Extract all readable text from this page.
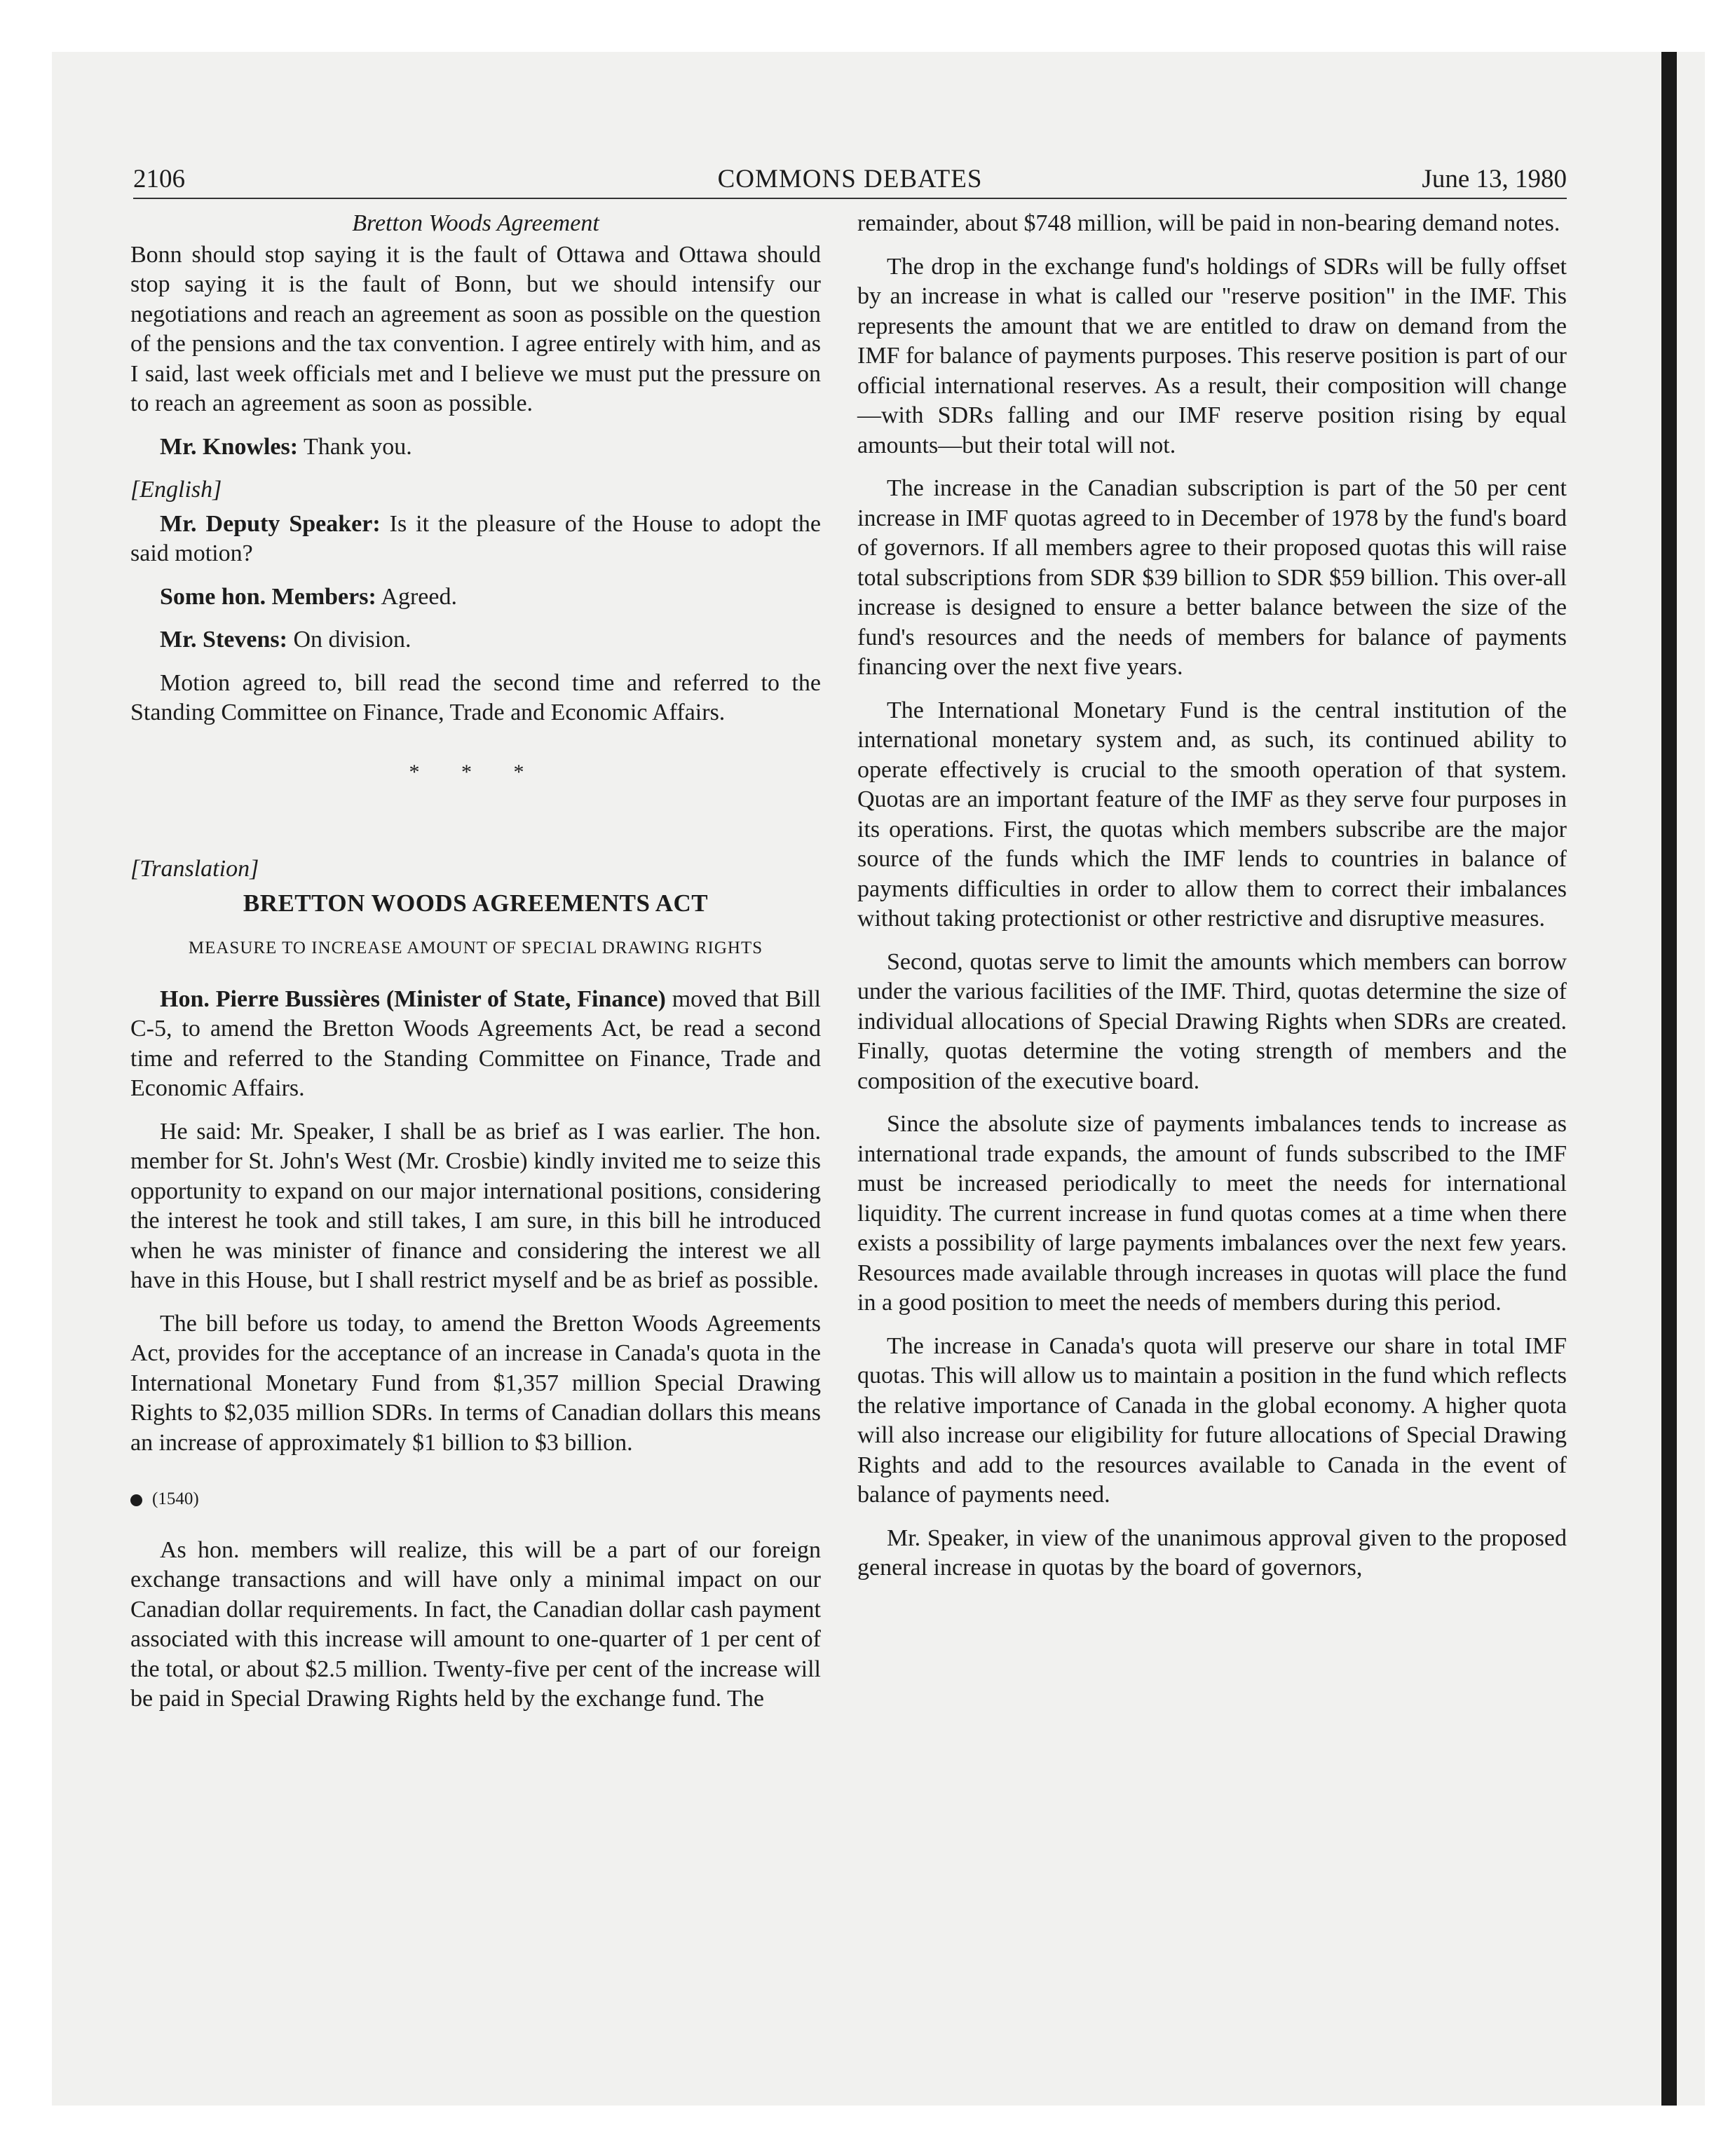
2106	COMMONS DEBATES	June 13, 1980

Bretton Woods Agreement

Bonn should stop saying it is the fault of Ottawa and Ottawa should stop saying it is the fault of Bonn, but we should intensify our negotiations and reach an agreement as soon as possible on the question of the pensions and the tax convention. I agree entirely with him, and as I said, last week officials met and I believe we must put the pressure on to reach an agreement as soon as possible.

Mr. Knowles: Thank you.

[English]

Mr. Deputy Speaker: Is it the pleasure of the House to adopt the said motion?

Some hon. Members: Agreed.

Mr. Stevens: On division.

Motion agreed to, bill read the second time and referred to the Standing Committee on Finance, Trade and Economic Affairs.

* * *

[Translation]

BRETTON WOODS AGREEMENTS ACT
MEASURE TO INCREASE AMOUNT OF SPECIAL DRAWING RIGHTS

Hon. Pierre Bussières (Minister of State, Finance) moved that Bill C-5, to amend the Bretton Woods Agreements Act, be read a second time and referred to the Standing Committee on Finance, Trade and Economic Affairs.

He said: Mr. Speaker, I shall be as brief as I was earlier. The hon. member for St. John's West (Mr. Crosbie) kindly invited me to seize this opportunity to expand on our major international positions, considering the interest he took and still takes, I am sure, in this bill he introduced when he was minister of finance and considering the interest we all have in this House, but I shall restrict myself and be as brief as possible.

The bill before us today, to amend the Bretton Woods Agreements Act, provides for the acceptance of an increase in Canada's quota in the International Monetary Fund from $1,357 million Special Drawing Rights to $2,035 million SDRs. In terms of Canadian dollars this means an increase of approximately $1 billion to $3 billion.

(1540)

As hon. members will realize, this will be a part of our foreign exchange transactions and will have only a minimal impact on our Canadian dollar requirements. In fact, the Canadian dollar cash payment associated with this increase will amount to one-quarter of 1 per cent of the total, or about $2.5 million. Twenty-five per cent of the increase will be paid in Special Drawing Rights held by the exchange fund. The

remainder, about $748 million, will be paid in non-bearing demand notes.

The drop in the exchange fund's holdings of SDRs will be fully offset by an increase in what is called our "reserve position" in the IMF. This represents the amount that we are entitled to draw on demand from the IMF for balance of payments purposes. This reserve position is part of our official international reserves. As a result, their composition will change—with SDRs falling and our IMF reserve position rising by equal amounts—but their total will not.

The increase in the Canadian subscription is part of the 50 per cent increase in IMF quotas agreed to in December of 1978 by the fund's board of governors. If all members agree to their proposed quotas this will raise total subscriptions from SDR $39 billion to SDR $59 billion. This over-all increase is designed to ensure a better balance between the size of the fund's resources and the needs of members for balance of payments financing over the next five years.

The International Monetary Fund is the central institution of the international monetary system and, as such, its continued ability to operate effectively is crucial to the smooth operation of that system. Quotas are an important feature of the IMF as they serve four purposes in its operations. First, the quotas which members subscribe are the major source of the funds which the IMF lends to countries in balance of payments difficulties in order to allow them to correct their imbalances without taking protectionist or other restrictive and disruptive measures.

Second, quotas serve to limit the amounts which members can borrow under the various facilities of the IMF. Third, quotas determine the size of individual allocations of Special Drawing Rights when SDRs are created. Finally, quotas determine the voting strength of members and the composition of the executive board.

Since the absolute size of payments imbalances tends to increase as international trade expands, the amount of funds subscribed to the IMF must be increased periodically to meet the needs for international liquidity. The current increase in fund quotas comes at a time when there exists a possibility of large payments imbalances over the next few years. Resources made available through increases in quotas will place the fund in a good position to meet the needs of members during this period.

The increase in Canada's quota will preserve our share in total IMF quotas. This will allow us to maintain a position in the fund which reflects the relative importance of Canada in the global economy. A higher quota will also increase our eligibility for future allocations of Special Drawing Rights and add to the resources available to Canada in the event of balance of payments need.

Mr. Speaker, in view of the unanimous approval given to the proposed general increase in quotas by the board of governors,
